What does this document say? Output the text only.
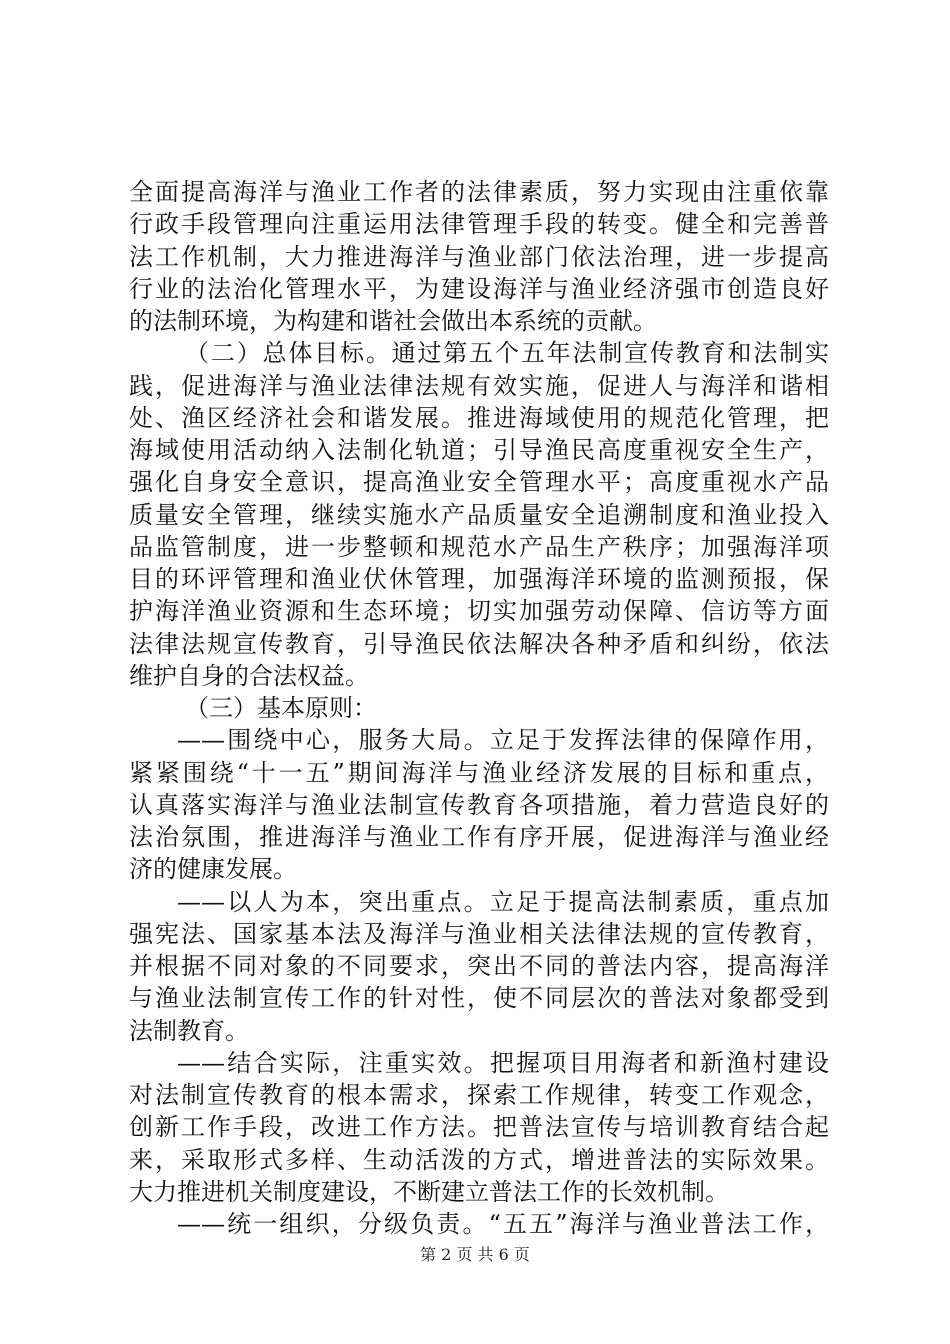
全面提高海洋与渔业工作者的法律素质，努力实现由注重依靠
行政手段管理向注重运用法律管理手段的转变。健全和完善普
法工作机制，大力推进海洋与渔业部门依法治理，进一步提高
行业的法治化管理水平，为建设海洋与渔业经济强市创造良好
的法制环境，为构建和谐社会做出本系统的贡献。
（二）总体目标。通过第五个五年法制宣传教育和法制实
践，促进海洋与渔业法律法规有效实施，促进人与海洋和谐相
处、渔区经济社会和谐发展。推进海域使用的规范化管理，把
海域使用活动纳入法制化轨道；引导渔民高度重视安全生产，
强化自身安全意识，提高渔业安全管理水平；高度重视水产品
质量安全管理，继续实施水产品质量安全追溯制度和渔业投入
品监管制度，进一步整顿和规范水产品生产秩序；加强海洋项
目的环评管理和渔业伏休管理，加强海洋环境的监测预报，保
护海洋渔业资源和生态环境；切实加强劳动保障、信访等方面
法律法规宣传教育，引导渔民依法解决各种矛盾和纠纷，依法
维护自身的合法权益。
（三）基本原则：
——围绕中心，服务大局。立足于发挥法律的保障作用，
紧紧围绕“十一五”期间海洋与渔业经济发展的目标和重点，
认真落实海洋与渔业法制宣传教育各项措施，着力营造良好的
法治氛围，推进海洋与渔业工作有序开展，促进海洋与渔业经
济的健康发展。
——以人为本，突出重点。立足于提高法制素质，重点加
强宪法、国家基本法及海洋与渔业相关法律法规的宣传教育，
并根据不同对象的不同要求，突出不同的普法内容，提高海洋
与渔业法制宣传工作的针对性，使不同层次的普法对象都受到
法制教育。
——结合实际，注重实效。把握项目用海者和新渔村建设
对法制宣传教育的根本需求，探索工作规律，转变工作观念，
创新工作手段，改进工作方法。把普法宣传与培训教育结合起
来，采取形式多样、生动活泼的方式，增进普法的实际效果。
大力推进机关制度建设，不断建立普法工作的长效机制。
——统一组织，分级负责。“五五”海洋与渔业普法工作，
第 2 页 共 6 页
